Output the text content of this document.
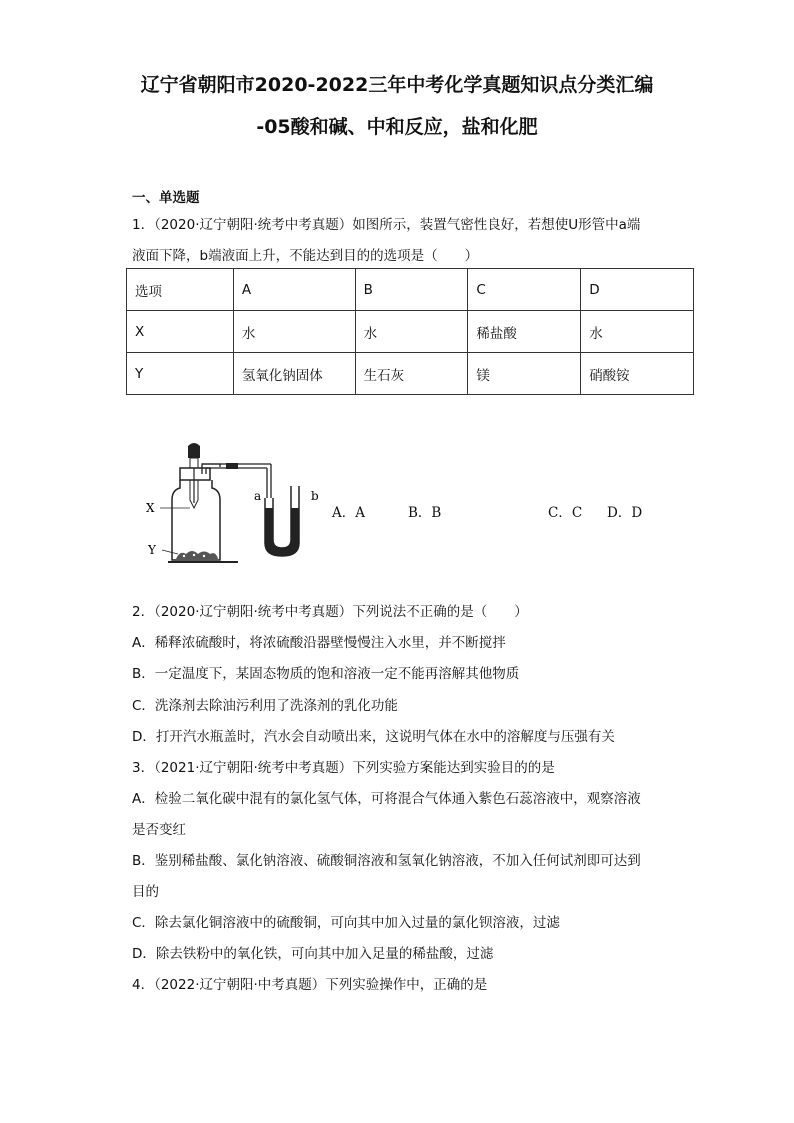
辽宁省朝阳市2020-2022三年中考化学真题知识点分类汇编
-05酸和碱、中和反应，盐和化肥
一、单选题
1．（2020·辽宁朝阳·统考中考真题）如图所示，装置气密性良好，若想使U形管中a端
液面下降，b端液面上升，不能达到目的的选项是（　　）
选项	A	B	C	D
X	水	水	稀盐酸	水
Y	氢氧化钠固体	生石灰	镁	硝酸铵
X
Y
a	b
A．A	B．B	C．C D．D
2．（2020·辽宁朝阳·统考中考真题）下列说法不正确的是（　　）
A．稀释浓硫酸时，将浓硫酸沿器壁慢慢注入水里，并不断搅拌
B．一定温度下，某固态物质的饱和溶液一定不能再溶解其他物质
C．洗涤剂去除油污利用了洗涤剂的乳化功能
D．打开汽水瓶盖时，汽水会自动喷出来，这说明气体在水中的溶解度与压强有关
3．（2021·辽宁朝阳·统考中考真题）下列实验方案能达到实验目的的是
A．检验二氧化碳中混有的氯化氢气体，可将混合气体通入紫色石蕊溶液中，观察溶液
是否变红
B．鉴别稀盐酸、氯化钠溶液、硫酸铜溶液和氢氧化钠溶液，不加入任何试剂即可达到
目的
C．除去氯化铜溶液中的硫酸铜，可向其中加入过量的氯化钡溶液，过滤
D．除去铁粉中的氧化铁，可向其中加入足量的稀盐酸，过滤
4．（2022·辽宁朝阳·中考真题）下列实验操作中，正确的是
